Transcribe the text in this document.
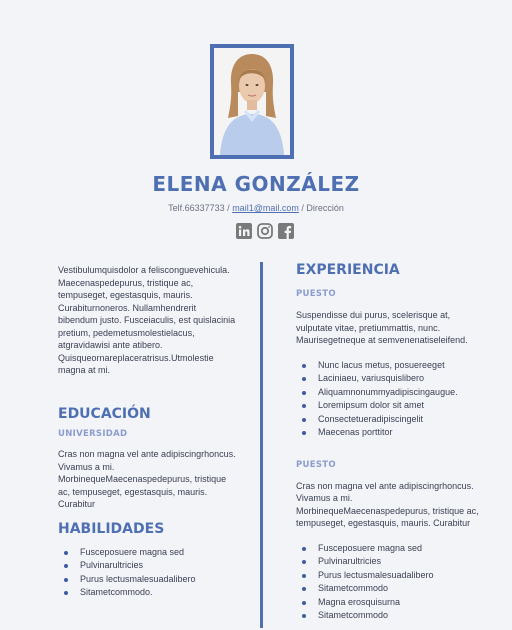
ELENA GONZÁLEZ
Telf.66337733 / mail1@mail.com / Dirección

Vestibulumquisdolor a felisconguevehicula. Maecenaspedepurus, tristique ac, tempuseget, egestasquis, mauris. Curabiturnoneros. Nullamhendrerit bibendum justo. Fusceiaculis, est quislacinia pretium, pedemetusmolestielacus, atgravidawisi ante atibero. Quisqueornareplaceratrisus.Utmolestie magna at mi.

EDUCACIÓN
UNIVERSIDAD

Cras non magna vel ante adipiscingrhoncus. Vivamus a mi. MorbinequeMaecenaspedepurus, tristique ac, tempuseget, egestasquis, mauris. Curabitur

HABILIDADES
Fusceposuere magna sed
Pulvinarultricies
Purus lectusmalesuadalibero
Sitametcommodo.
EXPERIENCIA
PUESTO

Suspendisse dui purus, scelerisque at, vulputate vitae, pretiummattis, nunc. Maurisegetneque at semvenenatiseleifend.

Nunc lacus metus, posuereeget
Laciniaeu, variusquislibero
Aliquamnonummyadipiscingaugue.
Loremipsum dolor sit amet
Consectetueradipiscingelit
Maecenas porttitor
PUESTO

Cras non magna vel ante adipiscingrhoncus. Vivamus a mi. MorbinequeMaecenaspedepurus, tristique ac, tempuseget, egestasquis, mauris. Curabitur

Fusceposuere magna sed
Pulvinarultricies
Purus lectusmalesuadalibero
Sitametcommodo
Magna erosquisurna
Sitametcommodo
